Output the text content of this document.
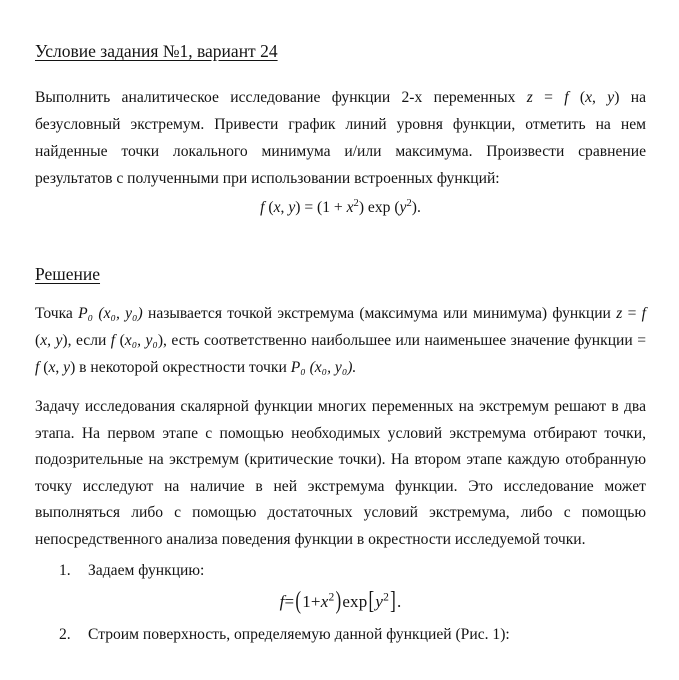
Условие задания №1, вариант 24
Выполнить аналитическое исследование функции 2-х переменных z = f (x, y) на безусловный экстремум. Привести график линий уровня функции, отметить на нем найденные точки локального минимума и/или максимума. Произвести сравнение результатов с полученными при использовании встроенных функций:
f (x, $y) = (1 + x^2)$ $\exp (y^2)$.
Решение
Точка P₀ (x₀, y₀) называется точкой экстремума (максимума или минимума) функции z = f (x, y), если f (x₀, y₀), есть соответственно наибольшее или наименьшее значение функции = f (x, y) в некоторой окрестности точки P₀ (x₀, y₀).
Задачу исследования скалярной функции многих переменных на экстремум решают в два этапа. На первом этапе с помощью необходимых условий экстремума отбирают точки, подозрительные на экстремум (критические точки). На втором этапе каждую отобранную точку исследуют на наличие в ней экстремума функции. Это исследование может выполняться либо с помощью достаточных условий экстремума, либо с помощью непосредственного анализа поведения функции в окрестности исследуемой точки.
1.	Задаем функцию:
$f=(1+x^2)\exp[y^2]$.
2.	Строим поверхность, определяемую данной функцией (Рис. 1):
